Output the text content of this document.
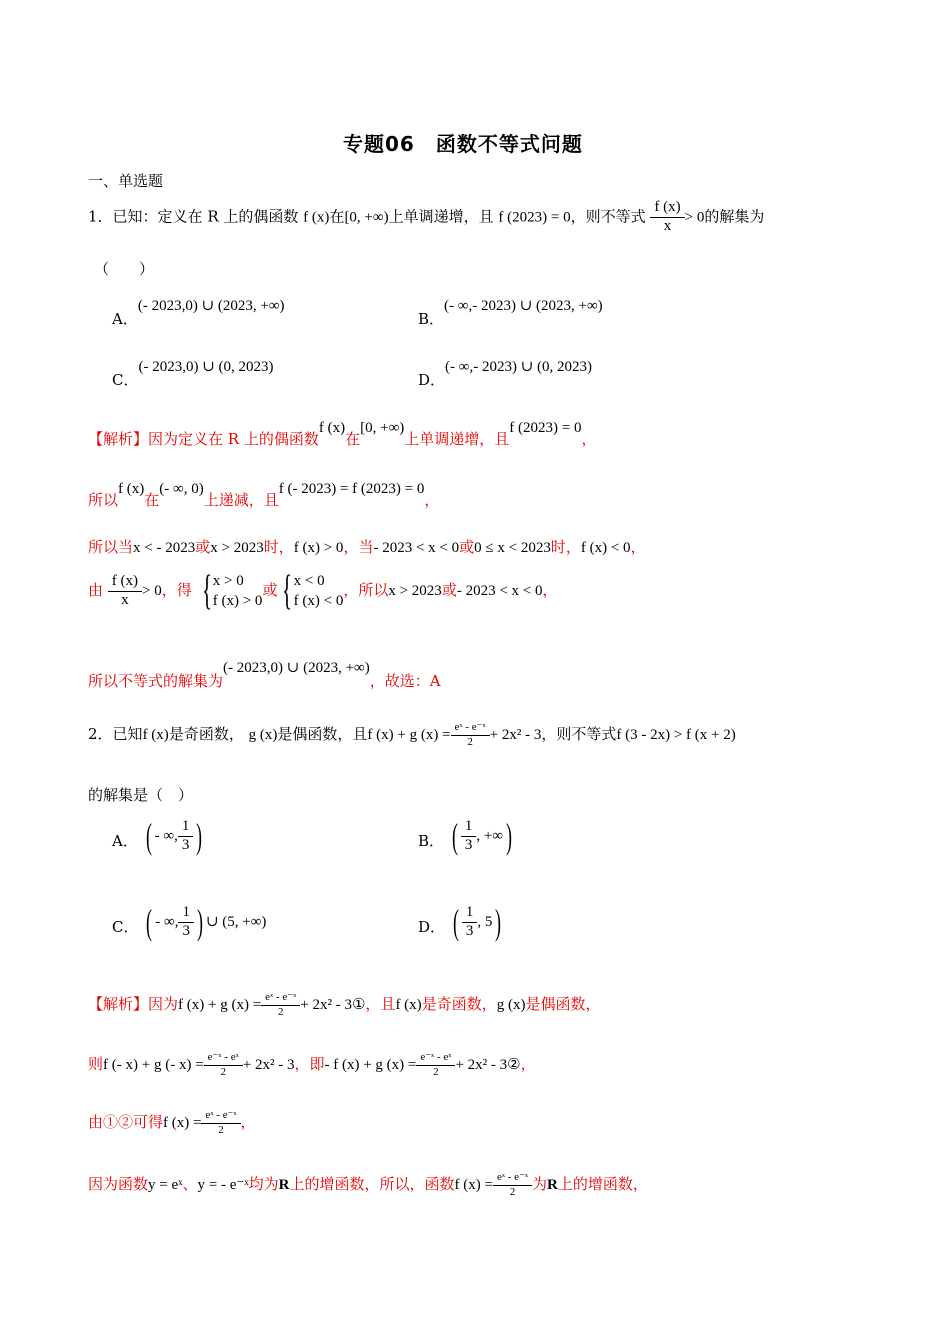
专题06　函数不等式问题
一、单选题
1．已知：定义在 R 上的偶函数 f (x)在[0, +∞)上单调递增，且 f (2023) = 0，则不等式 $\frac{f (x)}{x} > 0$的解集为
（　　）
A．(- 2023,0) ∪ (2023, +∞)
B．(- ∞,- 2023) ∪ (2023, +∞)
C．(- 2023,0) ∪ (0, 2023)
D．(- ∞,- 2023) ∪ (0, 2023)
【解析】因为定义在 R 上的偶函数f (x)在[0, +∞)上单调递增，且f (2023) = 0，
所以f (x)在(- ∞, 0)上递减，且f (- 2023) = f (2023) = 0，
所以当x < - 2023或x > 2023时，f (x) > 0，当- 2023 < x < 0或0 ≤ x < 2023时，f (x) < 0，
由 $\frac{f (x)}{x} > 0$，得 { x > 0
f (x) > 0
或 { x < 0
f (x) < 0
，所以x > 2023或- 2023 < x < 0，
所以不等式的解集为(- 2023,0) ∪ (2023, +∞)，故选：A
2．已知f (x)是奇函数， g (x)是偶函数，且f (x) + g $(x) = \frac{\text{eˣ - e⁻ˣ}}{2} + 2x^2 - 3$，则不等式f (3 - 2x) > f (x + 2)
的解集是（　）
A． ( - ∞, $\frac{1}{3}$ )	B． ( $\frac{1}{3}$ , +∞ )
C． ( - ∞, $\frac{1}{3}$ ) ∪ (5, +∞)	D． ( $\frac{1}{3}$ , 5 )
【解析】因为f (x) + g $(x) = \frac{\text{eˣ - e⁻ˣ}}{2} + 2x^2$ - 3①，且f (x)是奇函数，g (x)是偶函数，
则f (- x) + g (- $x) = \frac{\text{e⁻ˣ - eˣ}}{2} + 2x^2 - 3$，即- f (x) + g $(x) = \frac{\text{e⁻ˣ - eˣ}}{2} + 2x^2$ - 3②，
由①②可得f $(x) = \frac{\text{eˣ - e⁻ˣ}}{2}$ ，
因为函数y = eˣ、y = - e⁻ˣ均为R上的增函数，所以，函数f $(x) = \frac{\text{eˣ - e⁻ˣ}}{2}$ 为R上的增函数，
